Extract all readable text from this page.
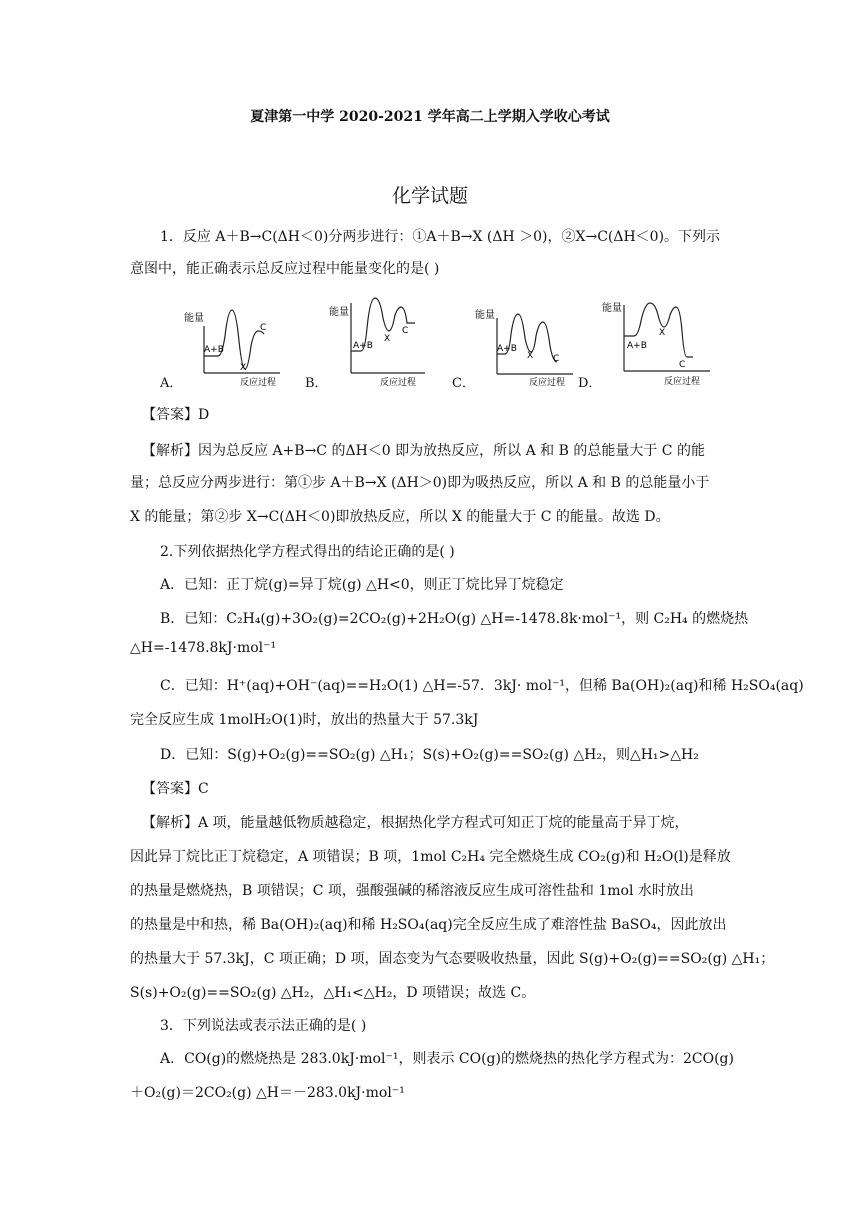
夏津第一中学 2020-2021 学年高二上学期入学收心考试
化学试题
1．反应 A＋B→C(ΔH＜0)分两步进行：①A＋B→X (ΔH ＞0)，②X→C(ΔH＜0)。下列示
意图中，能正确表示总反应过程中能量变化的是( )
能量
A+B
X
C
反应过程
A．
能量
A+B
X
C
反应过程
B．
能量
A+B
X C
反应过程
C．
能量
A+B
X
C
反应过程
D．
【答案】D
【解析】因为总反应 A+B→C 的ΔH＜0 即为放热反应，所以 A 和 B 的总能量大于 C 的能
量；总反应分两步进行：第①步 A＋B→X (ΔH＞0)即为吸热反应，所以 A 和 B 的总能量小于
X 的能量；第②步 X→C(ΔH＜0)即放热反应，所以 X 的能量大于 C 的能量。故选 D。
2.下列依据热化学方程式得出的结论正确的是( )
A．已知：正丁烷(g)=异丁烷(g) △H<0，则正丁烷比异丁烷稳定
B．已知：C₂H₄(g)+3O₂(g)=2CO₂(g)+2H₂O(g) △H=-1478.8k·mol⁻¹，则 C₂H₄ 的燃烧热
△H=-1478.8kJ·mol⁻¹
C．已知：H⁺(aq)+OH⁻(aq)==H₂O(1) △H=-57．3kJ· mol⁻¹，但稀 Ba(OH)₂(aq)和稀 H₂SO₄(aq)
完全反应生成 1molH₂O(1)时，放出的热量大于 57.3kJ
D．已知：S(g)+O₂(g)==SO₂(g) △H₁；S(s)+O₂(g)==SO₂(g) △H₂，则△H₁>△H₂
【答案】C
【解析】A 项，能量越低物质越稳定，根据热化学方程式可知正丁烷的能量高于异丁烷，
因此异丁烷比正丁烷稳定，A 项错误；B 项，1mol C₂H₄ 完全燃烧生成 CO₂(g)和 H₂O(l)是释放
的热量是燃烧热，B 项错误；C 项，强酸强碱的稀溶液反应生成可溶性盐和 1mol 水时放出
的热量是中和热，稀 Ba(OH)₂(aq)和稀 H₂SO₄(aq)完全反应生成了难溶性盐 BaSO₄，因此放出
的热量大于 57.3kJ，C 项正确；D 项，固态变为气态要吸收热量，因此 S(g)+O₂(g)==SO₂(g) △H₁；
S(s)+O₂(g)==SO₂(g) △H₂，△H₁<△H₂，D 项错误；故选 C。
3．下列说法或表示法正确的是( )
A．CO(g)的燃烧热是 283.0kJ·mol⁻¹，则表示 CO(g)的燃烧热的热化学方程式为：2CO(g)
＋O₂(g)＝2CO₂(g) △H＝－283.0kJ·mol⁻¹
